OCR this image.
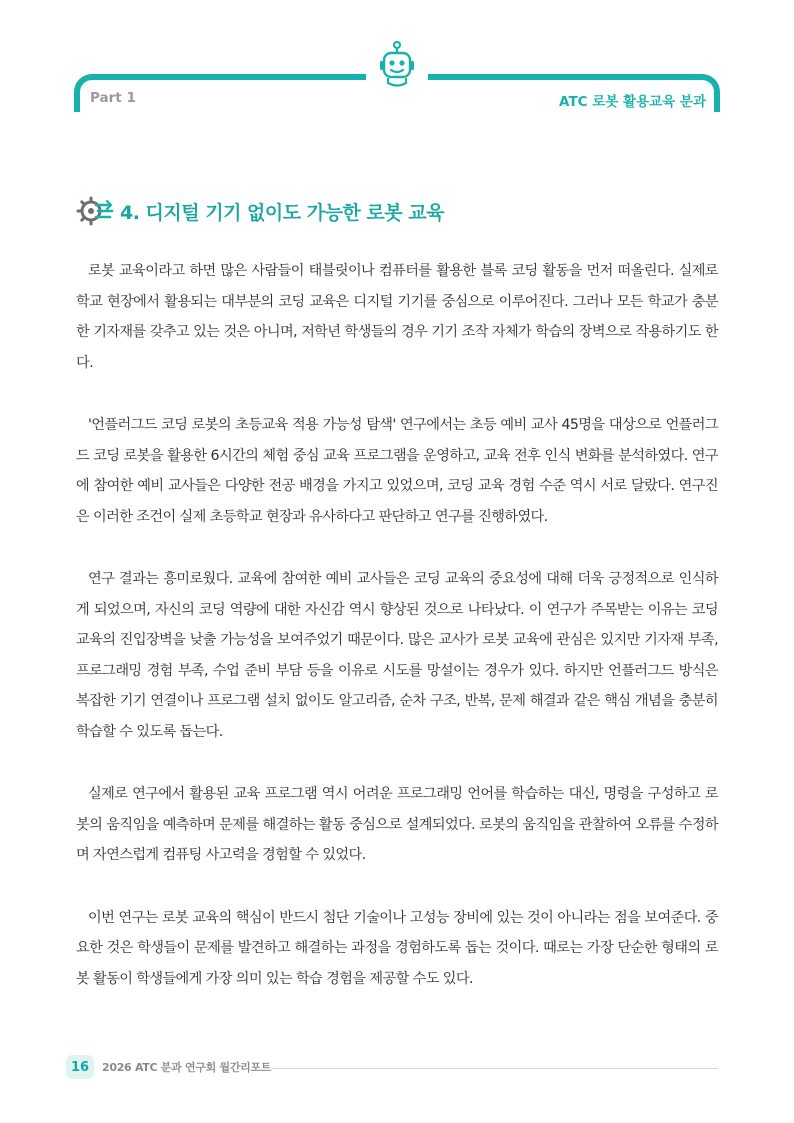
Part 1	ATC 로봇 활용교육 분과
4. 디지털 기기 없이도 가능한 로봇 교육

로봇 교육이라고 하면 많은 사람들이 태블릿이나 컴퓨터를 활용한 블록 코딩 활동을 먼저 떠올린다. 실제로 학교 현장에서 활용되는 대부분의 코딩 교육은 디지털 기기를 중심으로 이루어진다. 그러나 모든 학교가 충분한 기자재를 갖추고 있는 것은 아니며, 저학년 학생들의 경우 기기 조작 자체가 학습의 장벽으로 작용하기도 한다.

'언플러그드 코딩 로봇의 초등교육 적용 가능성 탐색' 연구에서는 초등 예비 교사 45명을 대상으로 언플러그드 코딩 로봇을 활용한 6시간의 체험 중심 교육 프로그램을 운영하고, 교육 전후 인식 변화를 분석하였다. 연구에 참여한 예비 교사들은 다양한 전공 배경을 가지고 있었으며, 코딩 교육 경험 수준 역시 서로 달랐다. 연구진은 이러한 조건이 실제 초등학교 현장과 유사하다고 판단하고 연구를 진행하였다.

연구 결과는 흥미로웠다. 교육에 참여한 예비 교사들은 코딩 교육의 중요성에 대해 더욱 긍정적으로 인식하게 되었으며, 자신의 코딩 역량에 대한 자신감 역시 향상된 것으로 나타났다. 이 연구가 주목받는 이유는 코딩 교육의 진입장벽을 낮출 가능성을 보여주었기 때문이다. 많은 교사가 로봇 교육에 관심은 있지만 기자재 부족, 프로그래밍 경험 부족, 수업 준비 부담 등을 이유로 시도를 망설이는 경우가 있다. 하지만 언플러그드 방식은 복잡한 기기 연결이나 프로그램 설치 없이도 알고리즘, 순차 구조, 반복, 문제 해결과 같은 핵심 개념을 충분히 학습할 수 있도록 돕는다.

실제로 연구에서 활용된 교육 프로그램 역시 어려운 프로그래밍 언어를 학습하는 대신, 명령을 구성하고 로봇의 움직임을 예측하며 문제를 해결하는 활동 중심으로 설계되었다. 로봇의 움직임을 관찰하여 오류를 수정하며 자연스럽게 컴퓨팅 사고력을 경험할 수 있었다.

이번 연구는 로봇 교육의 핵심이 반드시 첨단 기술이나 고성능 장비에 있는 것이 아니라는 점을 보여준다. 중요한 것은 학생들이 문제를 발견하고 해결하는 과정을 경험하도록 돕는 것이다. 때로는 가장 단순한 형태의 로봇 활동이 학생들에게 가장 의미 있는 학습 경험을 제공할 수도 있다.

16	2026 ATC 분과 연구회 월간리포트
